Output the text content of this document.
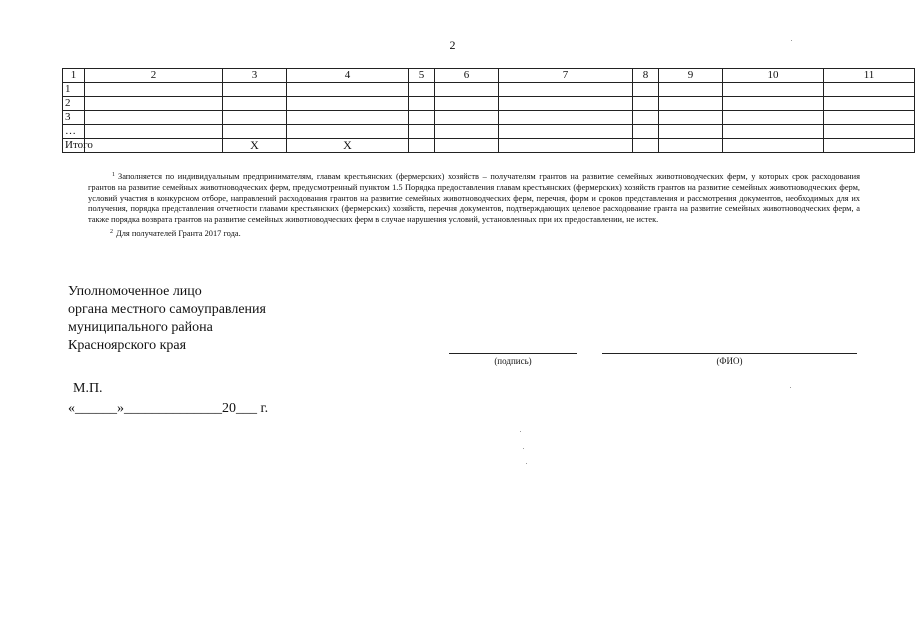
2
1	2	3	4	5	6	7	8	9	10	11
1										
2										
3										
…										
Итого		X	X							

$^1$ Заполняется по индивидуальным предпринимателям, главам крестьянских (фермерских) хозяйств – получателям грантов на развитие семейных животноводческих ферм, у которых срок расходования грантов на развитие семейных животноводческих ферм, предусмотренный пунктом 1.5 Порядка предоставления главам крестьянских (фермерских) хозяйств грантов на развитие семейных животноводческих ферм, условий участия в конкурсном отборе, направлений расходования грантов на развитие семейных животноводческих ферм, перечня, форм и сроков представления и рассмотрения документов, необходимых для их получения, порядка представления отчетности главами крестьянских (фермерских) хозяйств, перечня документов, подтверждающих целевое расходование гранта на развитие семейных животноводческих ферм, а также порядка возврата грантов на развитие семейных животноводческих ферм в случае нарушения условий, установленных при их предоставлении, не истек.

$^2$ Для получателей Гранта 2017 года.

Уполномоченное лицо
органа местного самоуправления
муниципального района
Красноярского края
(подпись)	(ФИО)
М.П.
«______»______________20___ г.
